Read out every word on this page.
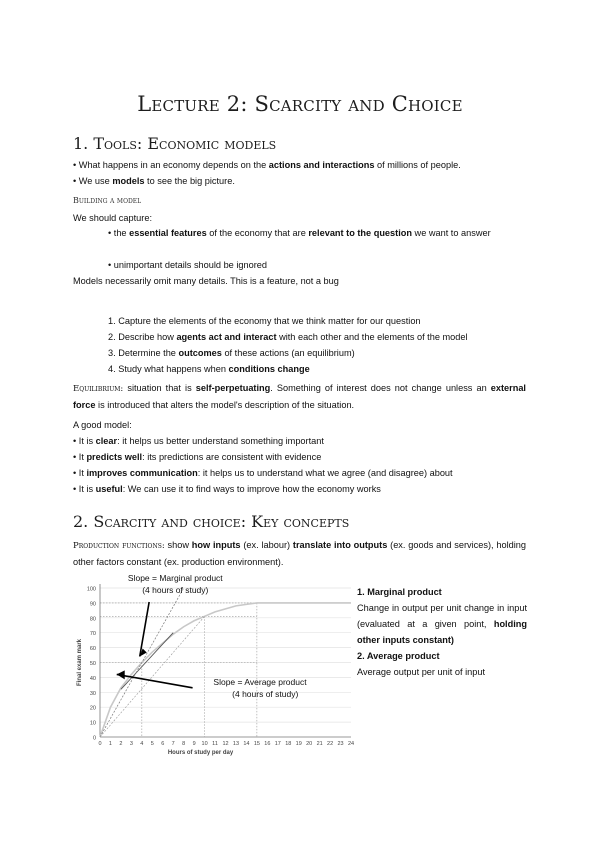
Lecture 2: Scarcity and Choice
1. Tools: Economic models
• What happens in an economy depends on the actions and interactions of millions of people.
• We use models to see the big picture.
Building a model
We should capture:
• the essential features of the economy that are relevant to the question we want to answer
• unimportant details should be ignored
Models necessarily omit many details. This is a feature, not a bug
1. Capture the elements of the economy that we think matter for our question
2. Describe how agents act and interact with each other and the elements of the model
3. Determine the outcomes of these actions (an equilibrium)
4. Study what happens when conditions change
Equilibrium: situation that is self-perpetuating. Something of interest does not change unless an external force is introduced that alters the model's description of the situation.
A good model:
• It is clear: it helps us better understand something important
• It predicts well: its predictions are consistent with evidence
• It improves communication: it helps us to understand what we agree (and disagree) about
• It is useful: We can use it to find ways to improve how the economy works
2. Scarcity and choice: Key concepts
Production functions: show how inputs (ex. labour) translate into outputs (ex. goods and services), holding other factors constant (ex. production environment).
0
10
20
30
40
50
60
70
80
90
100
0 1 2 3 4 5 6 7 8 9 10 11 12 13 14 15 16 17 18 19 20 21 22 23 24
Hours of study per day
Final exam mark
Slope = Marginal product
(4 hours of study)
Slope = Average product
(4 hours of study)
1. Marginal product
Change in output per unit change in input (evaluated at a given point, holding other inputs constant)
2. Average product
Average output per unit of input
